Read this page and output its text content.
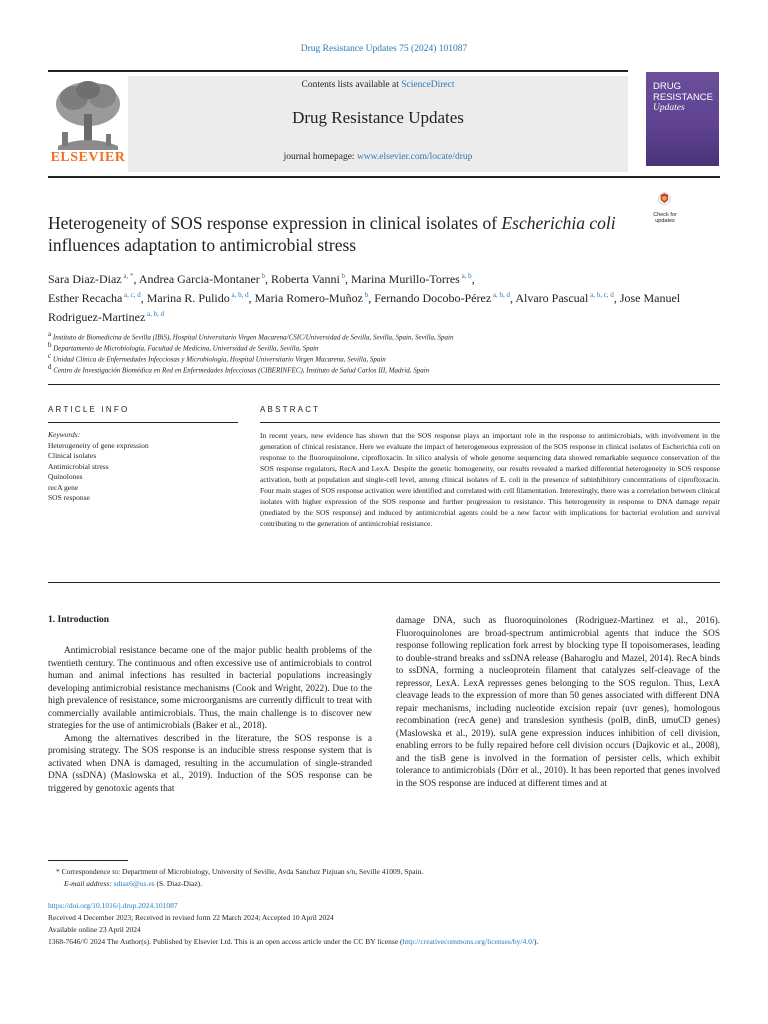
Drug Resistance Updates 75 (2024) 101087
Contents lists available at ScienceDirect
Drug Resistance Updates
journal homepage: www.elsevier.com/locate/drup
ELSEVIER
DRUG
RESISTANCE
Updates
Check for
updates
Heterogeneity of SOS response expression in clinical isolates of Escherichia coli influences adaptation to antimicrobial stress
Sara Diaz-Diaz $^{a, *}$, Andrea Garcia-Montaner $^b$, Roberta Vanni $^b$, Marina Murillo-Torres $^{a, b}$,
Esther Recacha $^{a, c, d}$, Marina R. Pulido $^{a, b, d}$, Maria Romero-Muñoz $^b$, Fernando Docobo-Pérez $^{a, b, d}$, Alvaro Pascual $^{a, b, c, d}$, Jose Manuel Rodriguez-Martinez $^{a, b, d}$
$^a$ Instituto de Biomedicina de Sevilla (IBiS), Hospital Universitario Virgen Macarena/CSIC/Universidad de Sevilla, Sevilla, Spain, Sevilla, Spain
$^b$ Departamento de Microbiología, Facultad de Medicina, Universidad de Sevilla, Sevilla, Spain
$^c$ Unidad Clínica de Enfermedades Infecciosas y Microbiología, Hospital Universitario Virgen Macarena, Sevilla, Spain
$^d$ Centro de Investigación Biomédica en Red en Enfermedades Infecciosas (CIBERINFEC), Instituto de Salud Carlos III, Madrid, Spain
ARTICLE INFO	ABSTRACT
Keywords:
Heterogeneity of gene expression
Clinical isolates
Antimicrobial stress
Quinolones
recA gene
SOS response
In recent years, new evidence has shown that the SOS response plays an important role in the response to antimicrobials, with involvement in the generation of clinical resistance. Here we evaluate the impact of heterogeneous expression of the SOS response in clinical isolates of Escherichia coli on response to the fluoroquinolone, ciprofloxacin. In silico analysis of whole genome sequencing data showed remarkable sequence conservation of the SOS response regulators, RecA and LexA. Despite the genetic homogeneity, our results revealed a marked differential heterogeneity in SOS response activation, both at population and single-cell level, among clinical isolates of E. coli in the presence of subinhibitory concentrations of ciprofloxacin. Four main stages of SOS response activation were identified and correlated with cell filamentation. Interestingly, there was a correlation between clinical isolates with higher expression of the SOS response and further progression to resistance. This heterogeneity in response to DNA damage repair (mediated by the SOS response) and induced by antimicrobial agents could be a new factor with implications for bacterial evolution and survival contributing to the generation of antimicrobial resistance.
1. Introduction

Antimicrobial resistance became one of the major public health problems of the twentieth century. The continuous and often excessive use of antimicrobials to control human and animal infections has resulted in bacterial populations increasingly developing antimicrobial resistance mechanisms (Cook and Wright, 2022). Due to the high prevalence of resistance, some microorganisms are currently difficult to treat with commercially available antimicrobials. Thus, the main challenge is to discover new strategies for the use of antimicrobials (Baker et al., 2018).

Among the alternatives described in the literature, the SOS response is a promising strategy. The SOS response is an inducible stress response system that is activated when DNA is damaged, resulting in the accumulation of single-stranded DNA (ssDNA) (Maslowska et al., 2019). Induction of the SOS response can be triggered by genotoxic agents that

damage DNA, such as fluoroquinolones (Rodriguez-Martinez et al., 2016). Fluoroquinolones are broad-spectrum antimicrobial agents that induce the SOS response following replication fork arrest by blocking type II topoisomerases, leading to double-strand breaks and ssDNA release (Baharoglu and Mazel, 2014). RecA binds to ssDNA, forming a nucleoprotein filament that catalyzes self-cleavage of the repressor, LexA. LexA represses genes belonging to the SOS regulon. Thus, LexA cleavage leads to the expression of more than 50 genes associated with different DNA repair mechanisms, including nucleotide excision repair (uvr genes), homologous recombination (recA gene) and translesion synthesis (polB, dinB, umuCD genes) (Maslowska et al., 2019). sulA gene expression induces inhibition of cell division, enabling errors to be fully repaired before cell division occurs (Dajkovic et al., 2008), and the tisB gene is involved in the formation of persister cells, which exhibit tolerance to antimicrobials (Dörr et al., 2010). It has been reported that genes involved in the SOS response are induced at different times and at

* Correspondence to: Department of Microbiology, University of Seville, Avda Sanchez Pizjuan s/n, Seville 41009, Spain.
E-mail address: sdiaz6@us.es (S. Diaz-Diaz).
https://doi.org/10.1016/j.drup.2024.101087
Received 4 December 2023; Received in revised form 22 March 2024; Accepted 10 April 2024
Available online 23 April 2024
1368-7646/© 2024 The Author(s). Published by Elsevier Ltd. This is an open access article under the CC BY license (http://creativecommons.org/licenses/by/4.0/).
